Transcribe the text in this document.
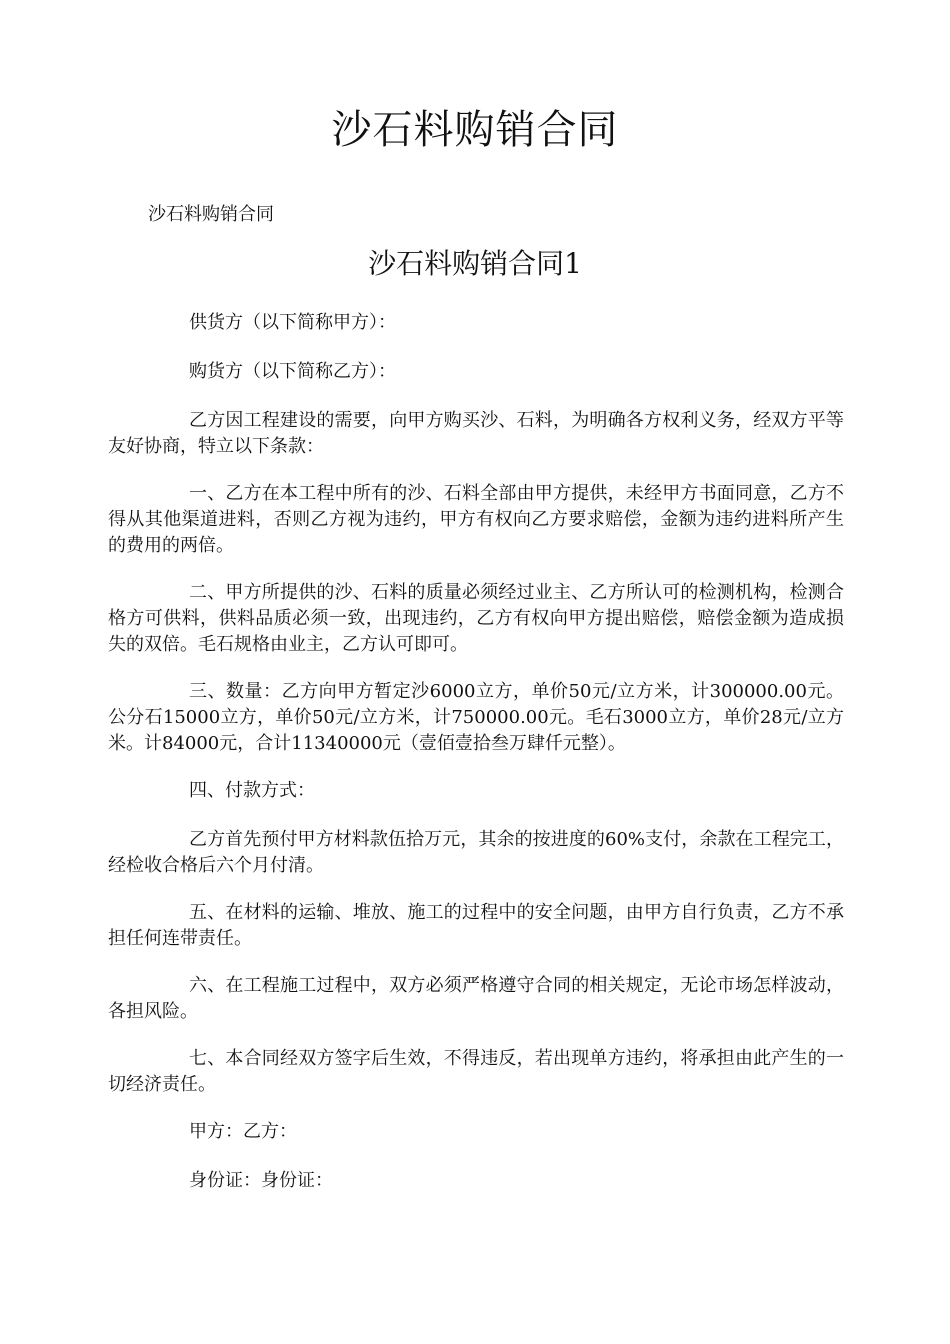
沙石料购销合同

沙石料购销合同

沙石料购销合同1

供货方（以下简称甲方）：

购货方（以下简称乙方）：

乙方因工程建设的需要，向甲方购买沙、石料，为明确各方权利义务，经双方平等友好协商，特立以下条款：

一、乙方在本工程中所有的沙、石料全部由甲方提供，未经甲方书面同意，乙方不得从其他渠道进料，否则乙方视为违约，甲方有权向乙方要求赔偿，金额为违约进料所产生的费用的两倍。

二、甲方所提供的沙、石料的质量必须经过业主、乙方所认可的检测机构，检测合格方可供料，供料品质必须一致，出现违约，乙方有权向甲方提出赔偿，赔偿金额为造成损失的双倍。毛石规格由业主，乙方认可即可。

三、数量：乙方向甲方暂定沙6000立方，单价50元/立方米，计300000.00元。公分石15000立方，单价50元/立方米，计750000.00元。毛石3000立方，单价28元/立方米。计84000元，合计11340000元（壹佰壹拾叁万肆仟元整）。

四、付款方式：

乙方首先预付甲方材料款伍拾万元，其余的按进度的60%支付，余款在工程完工，经检收合格后六个月付清。

五、在材料的运输、堆放、施工的过程中的安全问题，由甲方自行负责，乙方不承担任何连带责任。

六、在工程施工过程中，双方必须严格遵守合同的相关规定，无论市场怎样波动，各担风险。

七、本合同经双方签字后生效，不得违反，若出现单方违约，将承担由此产生的一切经济责任。

甲方：乙方：

身份证：身份证：
